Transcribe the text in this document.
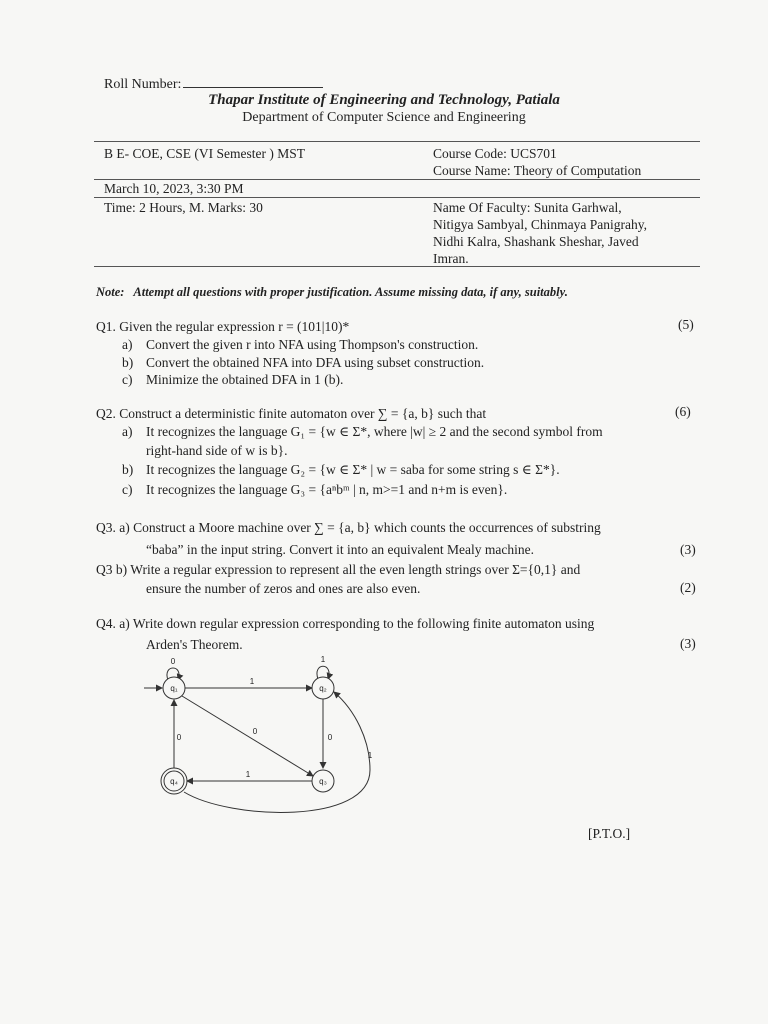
Roll Number:
Thapar Institute of Engineering and Technology, Patiala
Department of Computer Science and Engineering
B E- COE, CSE (VI Semester ) MST	Course Code: UCS701
Course Name: Theory of Computation
March 10, 2023, 3:30 PM
Time: 2 Hours, M. Marks: 30	Name Of Faculty: Sunita Garhwal,
Nitigya Sambyal, Chinmaya Panigrahy,
Nidhi Kalra, Shashank Sheshar, Javed
Imran.
Note: Attempt all questions with proper justification. Assume missing data, if any, suitably.
Q1. Given the regular expression r = (101|10)*	(5)
a) Convert the given r into NFA using Thompson's construction.
b) Convert the obtained NFA into DFA using subset construction.
c) Minimize the obtained DFA in 1 (b).
Q2. Construct a deterministic finite automaton over ∑ = {a, b} such that	(6)
a) It recognizes the language G₁ = {w ∈ Σ*, where |w| ≥ 2 and the second symbol from
right-hand side of w is b}.
b) It recognizes the language G₂ = {w ∈ Σ* | w = saba for some string s ∈ Σ*}.
c) It recognizes the language G₃ = {aⁿbᵐ | n, m>=1 and n+m is even}.
Q3. a) Construct a Moore machine over ∑ = {a, b} which counts the occurrences of substring
“baba” in the input string. Convert it into an equivalent Mealy machine.	(3)
Q3 b) Write a regular expression to represent all the even length strings over Σ={0,1} and
ensure the number of zeros and ones are also even.	(2)
Q4. a) Write down regular expression corresponding to the following finite automaton using
Arden's Theorem.	(3)
q₁	q₂
q₃
q₄
0
1
1
0
0
1
0
1
[P.T.O.]
